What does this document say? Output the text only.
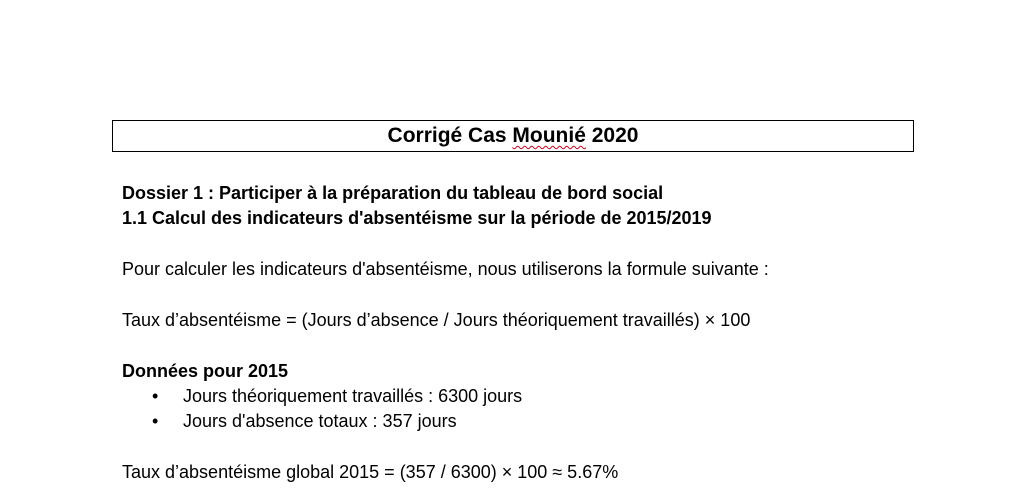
Corrigé Cas Mounié 2020
Dossier 1 : Participer à la préparation du tableau de bord social
1.1 Calcul des indicateurs d'absentéisme sur la période de 2015/2019
Pour calculer les indicateurs d'absentéisme, nous utiliserons la formule suivante :
Taux d’absentéisme = (Jours d’absence / Jours théoriquement travaillés) × 100
Données pour 2015
• Jours théoriquement travaillés : 6300 jours
• Jours d'absence totaux : 357 jours
Taux d’absentéisme global 2015 = (357 / 6300) × 100 ≈ 5.67%
